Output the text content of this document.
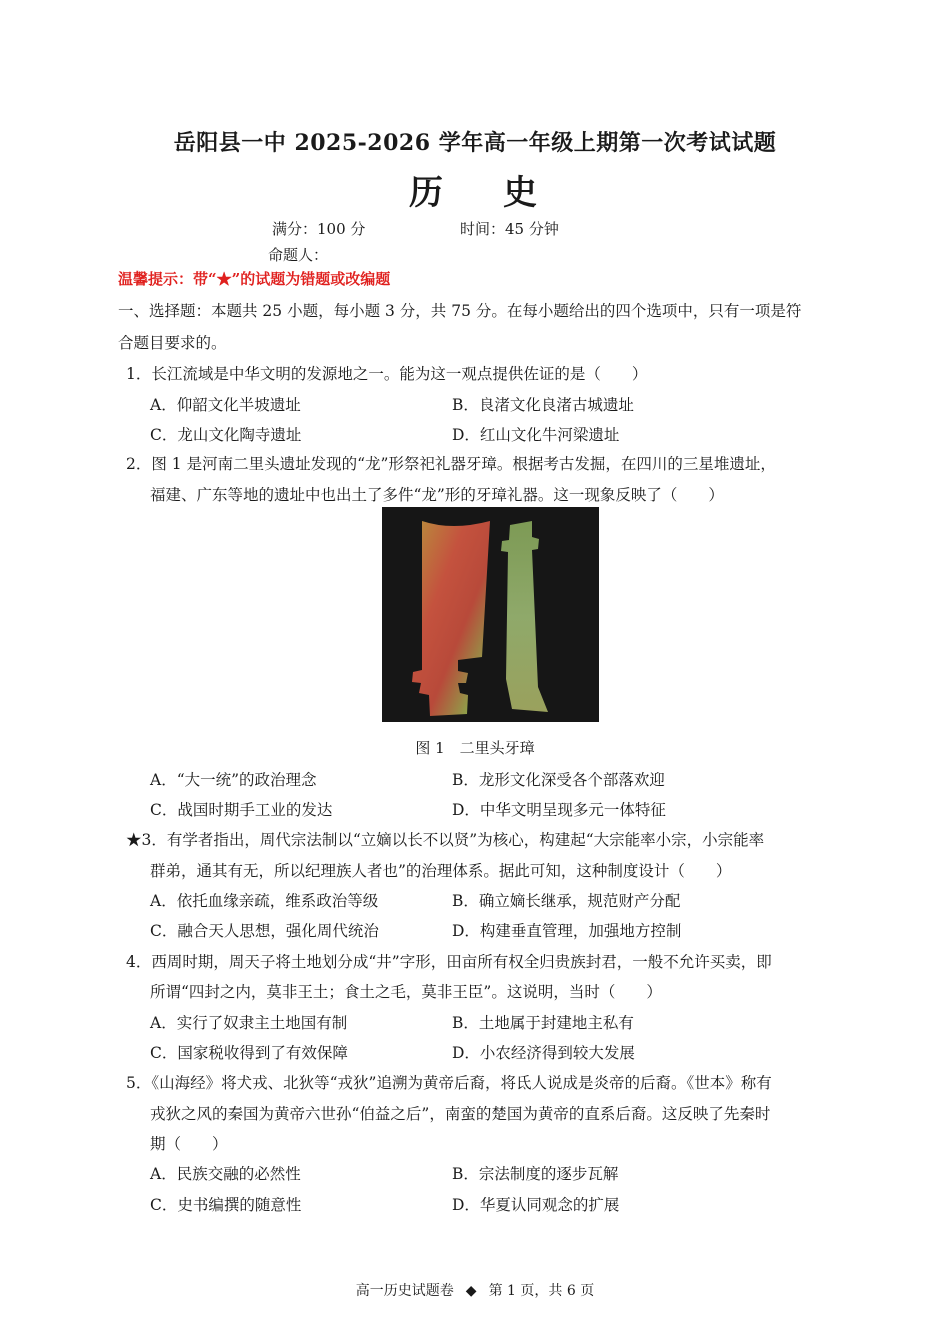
岳阳县一中 2025-2026 学年高一年级上期第一次考试试题
历史
满分：100 分	时间：45 分钟
命题人：
温馨提示：带“★”的试题为错题或改编题
一、选择题：本题共 25 小题，每小题 3 分，共 75 分。在每小题给出的四个选项中，只有一项是符
合题目要求的。
1．长江流域是中华文明的发源地之一。能为这一观点提供佐证的是（　　）
A．仰韶文化半坡遗址	B．良渚文化良渚古城遗址
C．龙山文化陶寺遗址	D．红山文化牛河梁遗址
2．图 1 是河南二里头遗址发现的“龙”形祭祀礼器牙璋。根据考古发掘，在四川的三星堆遗址，
福建、广东等地的遗址中也出土了多件“龙”形的牙璋礼器。这一现象反映了（　　）
图 1　二里头牙璋
A．“大一统”的政治理念	B．龙形文化深受各个部落欢迎
C．战国时期手工业的发达	D．中华文明呈现多元一体特征
★3．有学者指出，周代宗法制以“立嫡以长不以贤”为核心，构建起“大宗能率小宗，小宗能率
群弟，通其有无，所以纪理族人者也”的治理体系。据此可知，这种制度设计（　　）
A．依托血缘亲疏，维系政治等级	B．确立嫡长继承，规范财产分配
C．融合天人思想，强化周代统治	D．构建垂直管理，加强地方控制
4．西周时期，周天子将土地划分成“井”字形，田亩所有权全归贵族封君，一般不允许买卖，即
所谓“四封之内，莫非王土；食土之毛，莫非王臣”。这说明，当时（　　）
A．实行了奴隶主土地国有制	B．土地属于封建地主私有
C．国家税收得到了有效保障	D．小农经济得到较大发展
5．《山海经》将犬戎、北狄等“戎狄”追溯为黄帝后裔，将氐人说成是炎帝的后裔。《世本》称有
戎狄之风的秦国为黄帝六世孙“伯益之后”，南蛮的楚国为黄帝的直系后裔。这反映了先秦时
期（　　）
A．民族交融的必然性	B．宗法制度的逐步瓦解
C．史书编撰的随意性	D．华夏认同观念的扩展
高一历史试题卷 ◆ 第 1 页，共 6 页
